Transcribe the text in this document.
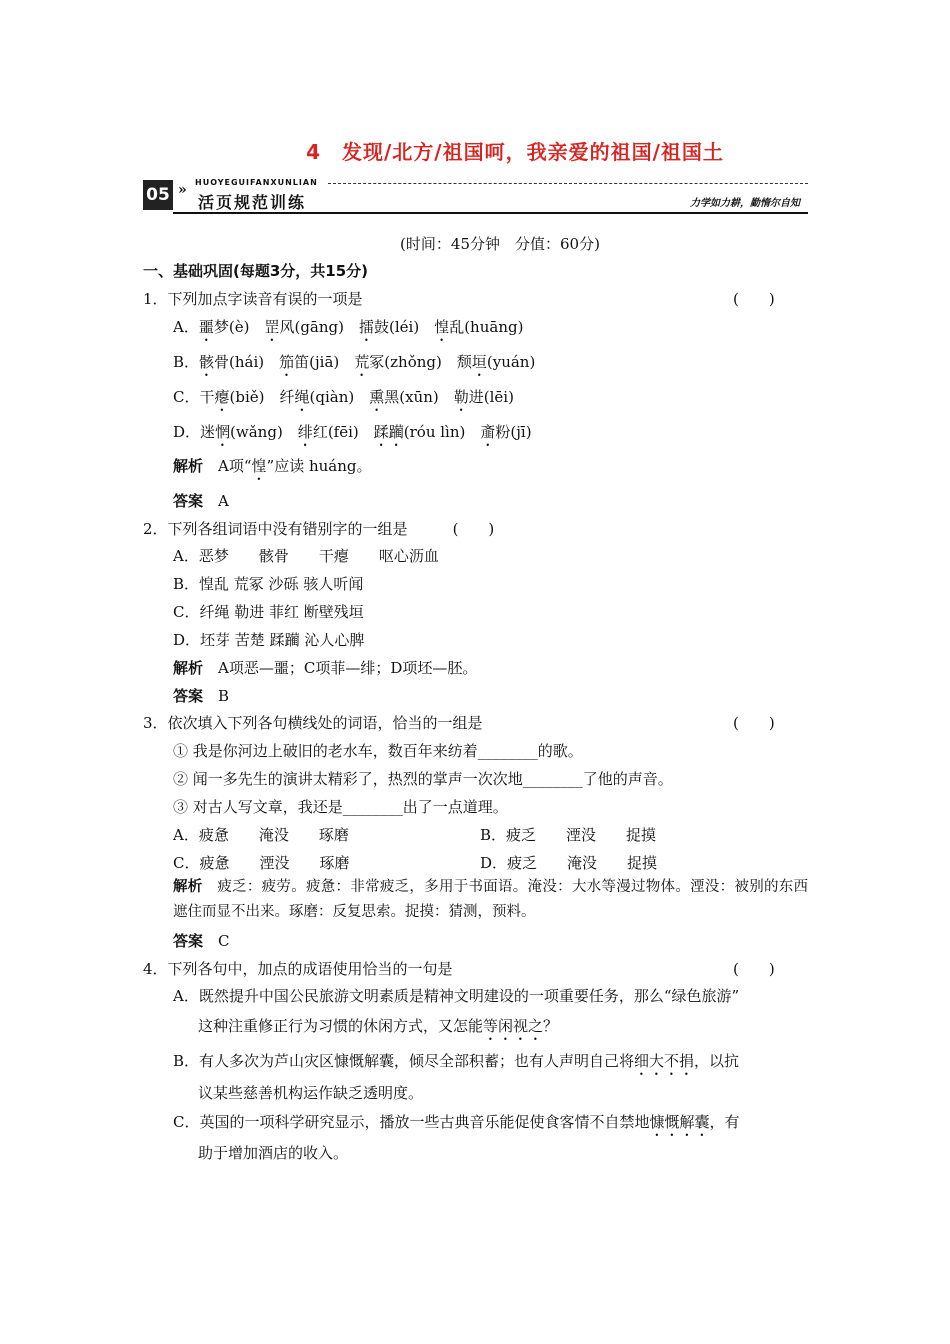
4　发现/北方/祖国呵，我亲爱的祖国/祖国土
05 » HUOYEGUIFANXUNLIAN
活页规范训练	力学如力耕，勤惰尔自知
(时间：45分钟　分值：60分)
一、基础巩固(每题3分，共15分)
1．下列加点字读音有误的一项是	(　　)
A．噩梦(è)　罡风(gāng)　擂鼓(léi)　惶乱(huāng)
B．骸骨(hái)　笳笛(jiā)　荒冢(zhǒng)　颓垣(yuán)
C．干瘪(biě)　纤绳(qiàn)　熏黑(xūn)　勒进(lēi)
D．迷惘(wǎng)　绯红(fēi)　蹂躏(róu lìn)　齑粉(jī)
解析　A项“惶”应读 huáng。
答案　A
2．下列各组词语中没有错别字的一组是　　　	(　　)
A．恶梦 骸骨 干瘪 呕心沥血
B．惶乱 荒冢 沙砾 骇人听闻
C．纤绳 勒进 菲红 断壁残垣
D．坯芽 苦楚 蹂躏 沁人心脾
解析　A项恶—噩；C项菲—绯；D项坯—胚。
答案　B
3．依次填入下列各句横线处的词语，恰当的一组是	(　　)
① 我是你河边上破旧的老水车，数百年来纺着________的歌。
② 闻一多先生的演讲太精彩了，热烈的掌声一次次地________了他的声音。
③ 对古人写文章，我还是________出了一点道理。
A．疲惫 淹没 琢磨	B．疲乏 湮没 捉摸
C．疲惫 湮没 琢磨	D．疲乏 淹没 捉摸
解析　疲乏：疲劳。疲惫：非常疲乏，多用于书面语。淹没：大水等漫过物体。湮没：被别的东西遮住而显不出来。琢磨：反复思索。捉摸：猜测，预料。
答案　C
4．下列各句中，加点的成语使用恰当的一句是	(　　)
A．既然提升中国公民旅游文明素质是精神文明建设的一项重要任务，那么“绿色旅游”
这种注重修正行为习惯的休闲方式，又怎能等闲视之？
B．有人多次为芦山灾区慷慨解囊，倾尽全部积蓄；也有人声明自己将细大不捐，以抗
议某些慈善机构运作缺乏透明度。
C．英国的一项科学研究显示，播放一些古典音乐能促使食客情不自禁地慷慨解囊，有
助于增加酒店的收入。
